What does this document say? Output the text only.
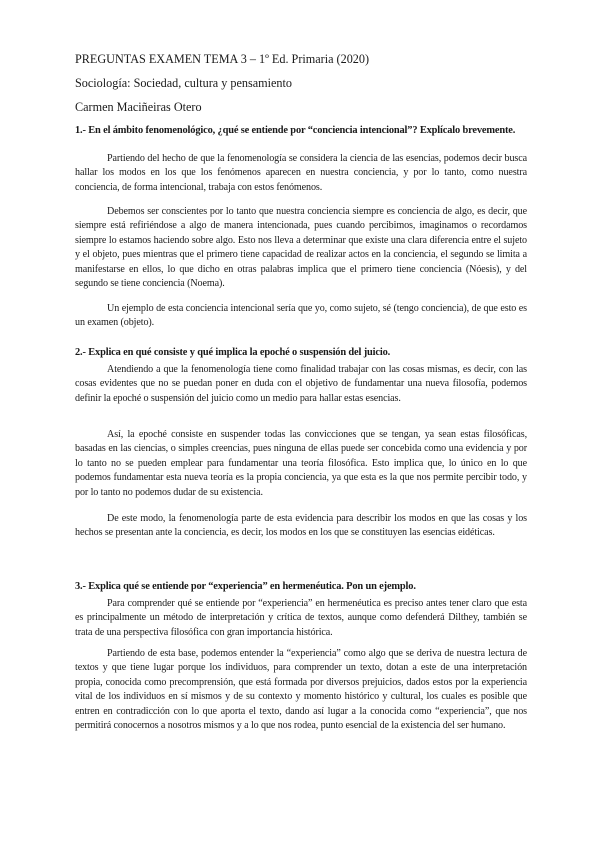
PREGUNTAS EXAMEN TEMA 3 – 1º Ed. Primaria (2020)
Sociología: Sociedad, cultura y pensamiento
Carmen Maciñeiras Otero
1.- En el ámbito fenomenológico, ¿qué se entiende por “conciencia intencional”? Explícalo brevemente.
Partiendo del hecho de que la fenomenología se considera la ciencia de las esencias, podemos decir busca hallar los modos en los que los fenómenos aparecen en nuestra conciencia, y por lo tanto, como nuestra conciencia, de forma intencional, trabaja con estos fenómenos.
Debemos ser conscientes por lo tanto que nuestra conciencia siempre es conciencia de algo, es decir, que siempre está refiriéndose a algo de manera intencionada, pues cuando percibimos, imaginamos o recordamos siempre lo estamos haciendo sobre algo. Esto nos lleva a determinar que existe una clara diferencia entre el sujeto y el objeto, pues mientras que el primero tiene capacidad de realizar actos en la conciencia, el segundo se limita a manifestarse en ellos, lo que dicho en otras palabras implica que el primero tiene conciencia (Nóesis), y del segundo se tiene conciencia (Noema).
Un ejemplo de esta conciencia intencional sería que yo, como sujeto, sé (tengo conciencia), de que esto es un examen (objeto).
2.- Explica en qué consiste y qué implica la epoché o suspensión del juicio.
Atendiendo a que la fenomenología tiene como finalidad trabajar con las cosas mismas, es decir, con las cosas evidentes que no se puedan poner en duda con el objetivo de fundamentar una nueva filosofía, podemos definir la epoché o suspensión del juicio como un medio para hallar estas esencias.
Así, la epoché consiste en suspender todas las convicciones que se tengan, ya sean estas filosóficas, basadas en las ciencias, o simples creencias, pues ninguna de ellas puede ser concebida como una evidencia y por lo tanto no se pueden emplear para fundamentar una teoría filosófica. Esto implica que, lo único en lo que podemos fundamentar esta nueva teoría es la propia conciencia, ya que esta es la que nos permite percibir todo, y por lo tanto no podemos dudar de su existencia.
De este modo, la fenomenología parte de esta evidencia para describir los modos en que las cosas y los hechos se presentan ante la conciencia, es decir, los modos en los que se constituyen las esencias eidéticas.
3.- Explica qué se entiende por “experiencia” en hermenéutica. Pon un ejemplo.
Para comprender qué se entiende por “experiencia” en hermenéutica es preciso antes tener claro que esta es principalmente un método de interpretación y crítica de textos, aunque como defenderá Dilthey, también se trata de una perspectiva filosófica con gran importancia histórica.
Partiendo de esta base, podemos entender la “experiencia” como algo que se deriva de nuestra lectura de textos y que tiene lugar porque los individuos, para comprender un texto, dotan a este de una interpretación propia, conocida como precomprensión, que está formada por diversos prejuicios, dados estos por la experiencia vital de los individuos en sí mismos y de su contexto y momento histórico y cultural, los cuales es posible que entren en contradicción con lo que aporta el texto, dando así lugar a la conocida como “experiencia”, que nos permitirá conocernos a nosotros mismos y a lo que nos rodea, punto esencial de la existencia del ser humano.
